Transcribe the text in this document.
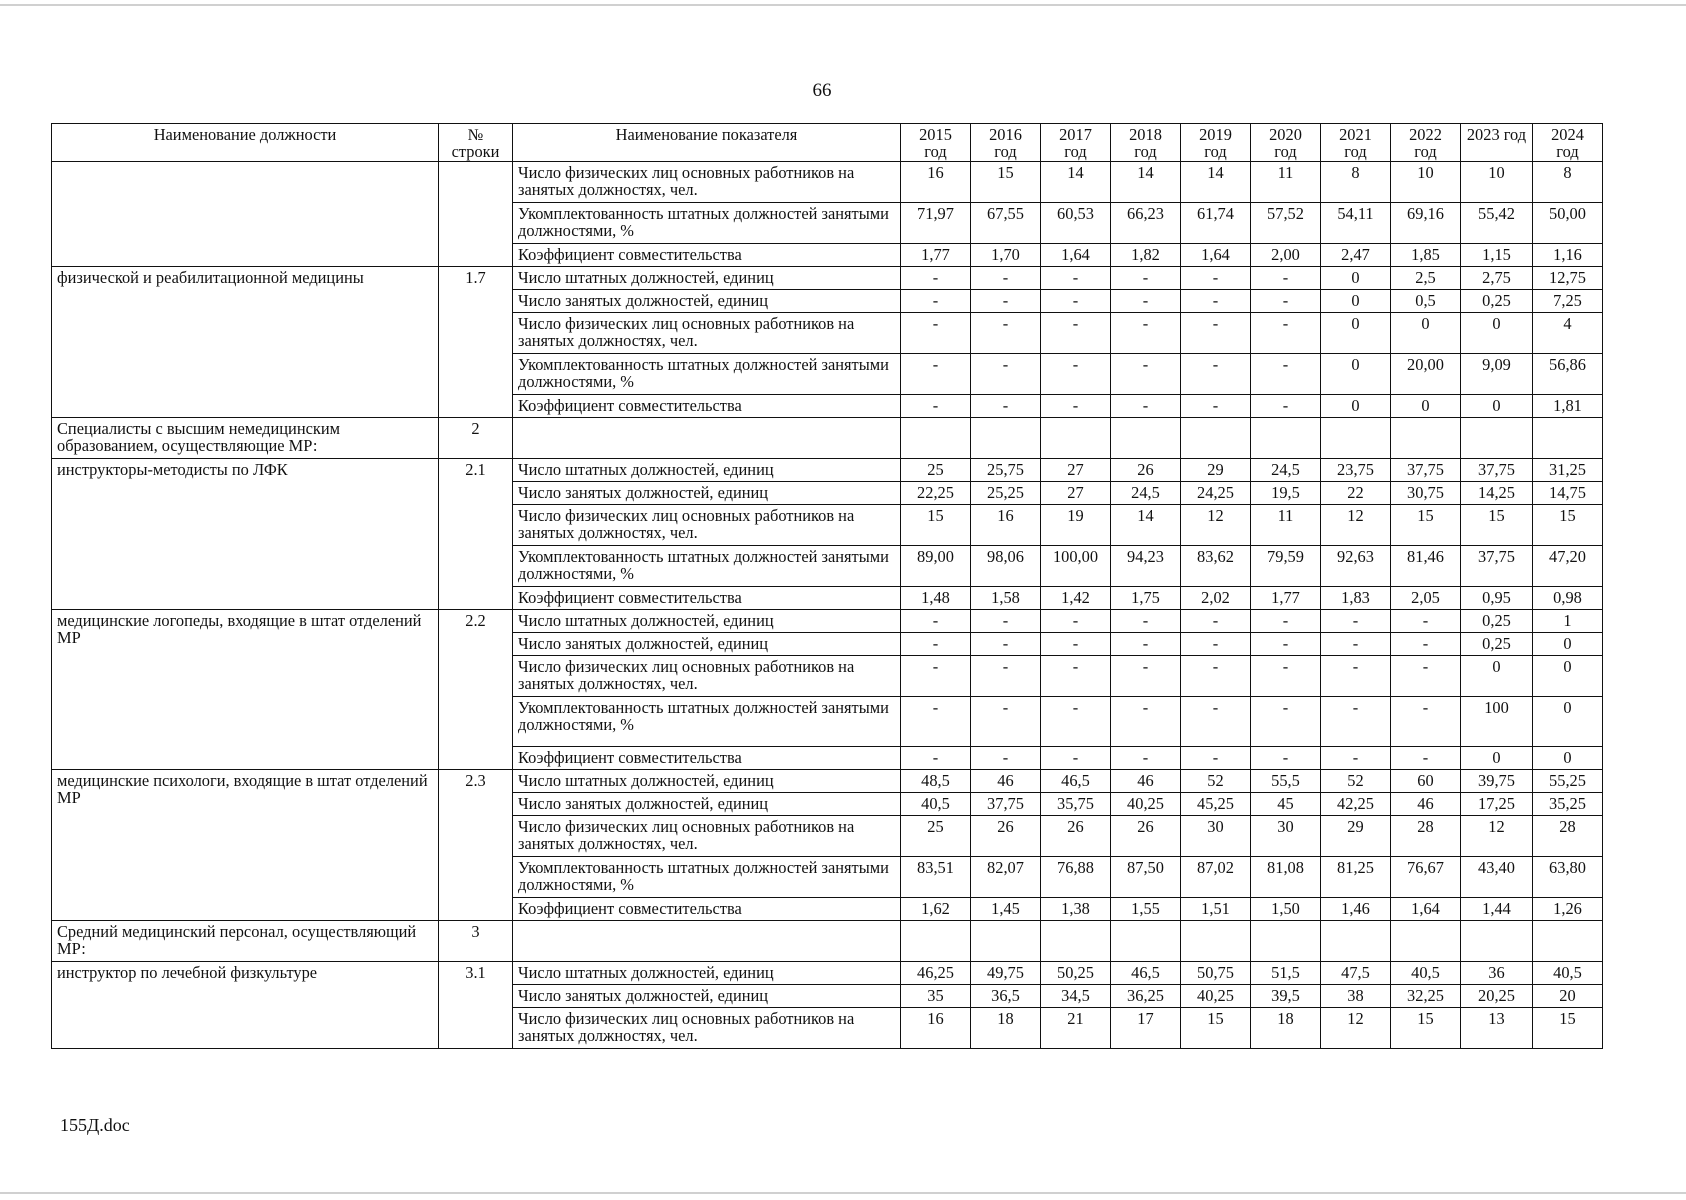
66
Наименование должности	№ строки	Наименование показателя	2015 год	2016 год	2017 год	2018 год	2019 год	2020 год	2021 год	2022 год	2023 год	2024 год
		Число физических лиц основных работников на занятых должностях, чел.	16	15	14	14	14	11	8	10	10	8
		Укомплектованность штатных должностей занятыми должностями, %	71,97	67,55	60,53	66,23	61,74	57,52	54,11	69,16	55,42	50,00
		Коэффициент совместительства	1,77	1,70	1,64	1,82	1,64	2,00	2,47	1,85	1,15	1,16
физической и реабилитационной медицины	1.7	Число штатных должностей, единиц	-	-	-	-	-	-	0	2,5	2,75	12,75
		Число занятых должностей, единиц	-	-	-	-	-	-	0	0,5	0,25	7,25
		Число физических лиц основных работников на занятых должностях, чел.	-	-	-	-	-	-	0	0	0	4
		Укомплектованность штатных должностей занятыми должностями, %	-	-	-	-	-	-	0	20,00	9,09	56,86
		Коэффициент совместительства	-	-	-	-	-	-	0	0	0	1,81
Специалисты с высшим немедицинским образованием, осуществляющие МР:	2											
инструкторы-методисты по ЛФК	2.1	Число штатных должностей, единиц	25	25,75	27	26	29	24,5	23,75	37,75	37,75	31,25
		Число занятых должностей, единиц	22,25	25,25	27	24,5	24,25	19,5	22	30,75	14,25	14,75
		Число физических лиц основных работников на занятых должностях, чел.	15	16	19	14	12	11	12	15	15	15
		Укомплектованность штатных должностей занятыми должностями, %	89,00	98,06	100,00	94,23	83,62	79,59	92,63	81,46	37,75	47,20
		Коэффициент совместительства	1,48	1,58	1,42	1,75	2,02	1,77	1,83	2,05	0,95	0,98
медицинские логопеды, входящие в штат отделений МР	2.2	Число штатных должностей, единиц	-	-	-	-	-	-	-	-	0,25	1
		Число занятых должностей, единиц	-	-	-	-	-	-	-	-	0,25	0
		Число физических лиц основных работников на занятых должностях, чел.	-	-	-	-	-	-	-	-	0	0
		Укомплектованность штатных должностей занятыми должностями, %	-	-	-	-	-	-	-	-	100	0
		Коэффициент совместительства	-	-	-	-	-	-	-	-	0	0
медицинские психологи, входящие в штат отделений МР	2.3	Число штатных должностей, единиц	48,5	46	46,5	46	52	55,5	52	60	39,75	55,25
		Число занятых должностей, единиц	40,5	37,75	35,75	40,25	45,25	45	42,25	46	17,25	35,25
		Число физических лиц основных работников на занятых должностях, чел.	25	26	26	26	30	30	29	28	12	28
		Укомплектованность штатных должностей занятыми должностями, %	83,51	82,07	76,88	87,50	87,02	81,08	81,25	76,67	43,40	63,80
		Коэффициент совместительства	1,62	1,45	1,38	1,55	1,51	1,50	1,46	1,64	1,44	1,26
Средний медицинский персонал, осуществляющий МР:	3											
инструктор по лечебной физкультуре	3.1	Число штатных должностей, единиц	46,25	49,75	50,25	46,5	50,75	51,5	47,5	40,5	36	40,5
		Число занятых должностей, единиц	35	36,5	34,5	36,25	40,25	39,5	38	32,25	20,25	20
		Число физических лиц основных работников на занятых должностях, чел.	16	18	21	17	15	18	12	15	13	15
155Д.doc
